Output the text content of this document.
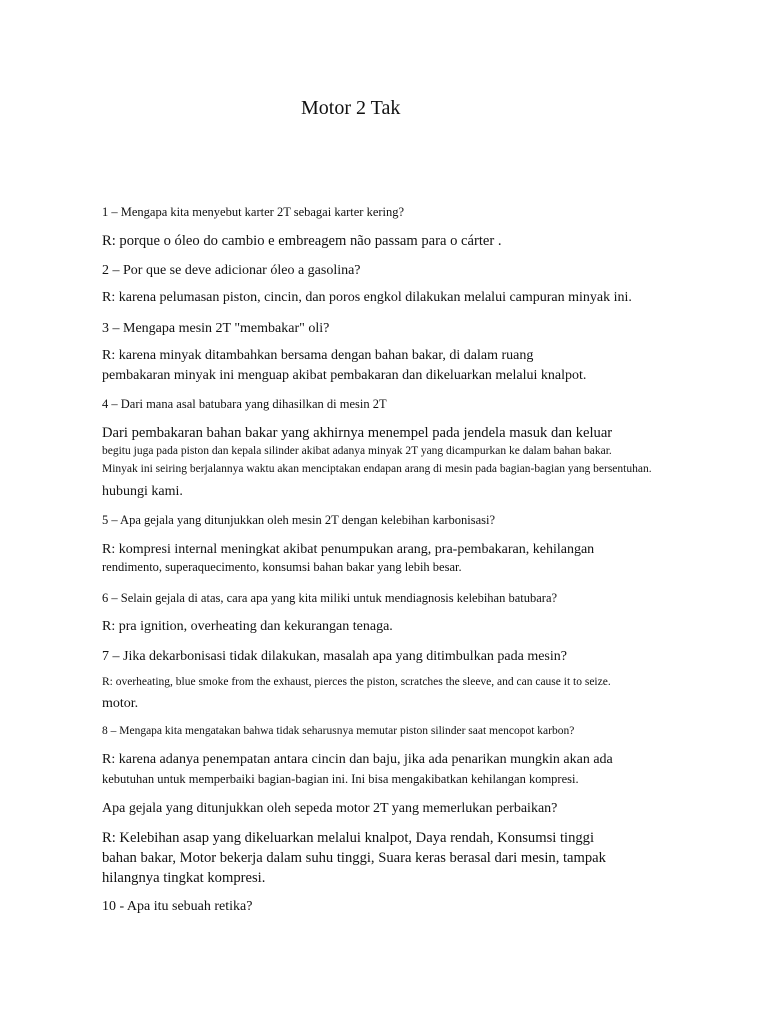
Motor 2 Tak
1 – Mengapa kita menyebut karter 2T sebagai karter kering?
R: porque o óleo do cambio e embreagem não passam para o cárter .
2 – Por que se deve adicionar óleo a gasolina?
R: karena pelumasan piston, cincin, dan poros engkol dilakukan melalui campuran minyak ini.
3 – Mengapa mesin 2T "membakar" oli?
R: karena minyak ditambahkan bersama dengan bahan bakar, di dalam ruang
pembakaran minyak ini menguap akibat pembakaran dan dikeluarkan melalui knalpot.
4 – Dari mana asal batubara yang dihasilkan di mesin 2T
Dari pembakaran bahan bakar yang akhirnya menempel pada jendela masuk dan keluar
begitu juga pada piston dan kepala silinder akibat adanya minyak 2T yang dicampurkan ke dalam bahan bakar.
Minyak ini seiring berjalannya waktu akan menciptakan endapan arang di mesin pada bagian-bagian yang bersentuhan.
hubungi kami.
5 – Apa gejala yang ditunjukkan oleh mesin 2T dengan kelebihan karbonisasi?
R: kompresi internal meningkat akibat penumpukan arang, pra-pembakaran, kehilangan
rendimento, superaquecimento, konsumsi bahan bakar yang lebih besar.
6 – Selain gejala di atas, cara apa yang kita miliki untuk mendiagnosis kelebihan batubara?
R: pra ignition, overheating dan kekurangan tenaga.
7 – Jika dekarbonisasi tidak dilakukan, masalah apa yang ditimbulkan pada mesin?
R: overheating, blue smoke from the exhaust, pierces the piston, scratches the sleeve, and can cause it to seize.
motor.
8 – Mengapa kita mengatakan bahwa tidak seharusnya memutar piston silinder saat mencopot karbon?
R: karena adanya penempatan antara cincin dan baju, jika ada penarikan mungkin akan ada
kebutuhan untuk memperbaiki bagian-bagian ini. Ini bisa mengakibatkan kehilangan kompresi.
Apa gejala yang ditunjukkan oleh sepeda motor 2T yang memerlukan perbaikan?
R: Kelebihan asap yang dikeluarkan melalui knalpot, Daya rendah, Konsumsi tinggi
bahan bakar, Motor bekerja dalam suhu tinggi, Suara keras berasal dari mesin, tampak
hilangnya tingkat kompresi.
10 - Apa itu sebuah retika?
